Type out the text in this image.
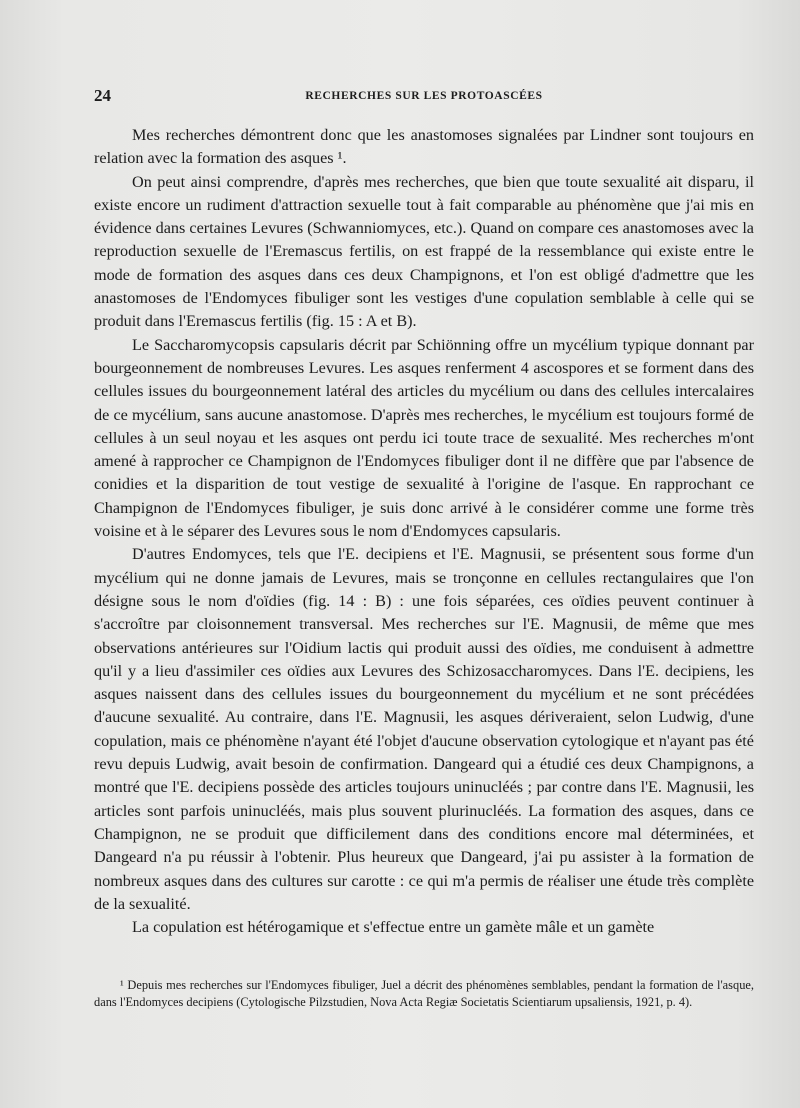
24	RECHERCHES SUR LES PROTOASCÉES

Mes recherches démontrent donc que les anastomoses signalées par Lindner sont toujours en relation avec la formation des asques ¹.

On peut ainsi comprendre, d'après mes recherches, que bien que toute sexualité ait disparu, il existe encore un rudiment d'attraction sexuelle tout à fait comparable au phénomène que j'ai mis en évidence dans certaines Levures (Schwanniomyces, etc.). Quand on compare ces anastomoses avec la reproduction sexuelle de l'Eremascus fertilis, on est frappé de la ressemblance qui existe entre le mode de formation des asques dans ces deux Champignons, et l'on est obligé d'admettre que les anastomoses de l'Endomyces fibuliger sont les vestiges d'une copulation semblable à celle qui se produit dans l'Eremascus fertilis (fig. 15 : A et B).

Le Saccharomycopsis capsularis décrit par Schiönning offre un mycélium typique donnant par bourgeonnement de nombreuses Levures. Les asques renferment 4 ascospores et se forment dans des cellules issues du bourgeonnement latéral des articles du mycélium ou dans des cellules intercalaires de ce mycélium, sans aucune anastomose. D'après mes recherches, le mycélium est toujours formé de cellules à un seul noyau et les asques ont perdu ici toute trace de sexualité. Mes recherches m'ont amené à rapprocher ce Champignon de l'Endomyces fibuliger dont il ne diffère que par l'absence de conidies et la disparition de tout vestige de sexualité à l'origine de l'asque. En rapprochant ce Champignon de l'Endomyces fibuliger, je suis donc arrivé à le considérer comme une forme très voisine et à le séparer des Levures sous le nom d'Endomyces capsularis.

D'autres Endomyces, tels que l'E. decipiens et l'E. Magnusii, se présentent sous forme d'un mycélium qui ne donne jamais de Levures, mais se tronçonne en cellules rectangulaires que l'on désigne sous le nom d'oïdies (fig. 14 : B) : une fois séparées, ces oïdies peuvent continuer à s'accroître par cloisonnement transversal. Mes recherches sur l'E. Magnusii, de même que mes observations antérieures sur l'Oidium lactis qui produit aussi des oïdies, me conduisent à admettre qu'il y a lieu d'assimiler ces oïdies aux Levures des Schizosaccharomyces. Dans l'E. decipiens, les asques naissent dans des cellules issues du bourgeonnement du mycélium et ne sont précédées d'aucune sexualité. Au contraire, dans l'E. Magnusii, les asques dériveraient, selon Ludwig, d'une copulation, mais ce phénomène n'ayant été l'objet d'aucune observation cytologique et n'ayant pas été revu depuis Ludwig, avait besoin de confirmation. Dangeard qui a étudié ces deux Champignons, a montré que l'E. decipiens possède des articles toujours uninucléés ; par contre dans l'E. Magnusii, les articles sont parfois uninucléés, mais plus souvent plurinucléés. La formation des asques, dans ce Champignon, ne se produit que difficilement dans des conditions encore mal déterminées, et Dangeard n'a pu réussir à l'obtenir. Plus heureux que Dangeard, j'ai pu assister à la formation de nombreux asques dans des cultures sur carotte : ce qui m'a permis de réaliser une étude très complète de la sexualité.

La copulation est hétérogamique et s'effectue entre un gamète mâle et un gamète

¹ Depuis mes recherches sur l'Endomyces fibuliger, Juel a décrit des phénomènes semblables, pendant la formation de l'asque, dans l'Endomyces decipiens (Cytologische Pilzstudien, Nova Acta Regiæ Societatis Scientiarum upsaliensis, 1921, p. 4).
